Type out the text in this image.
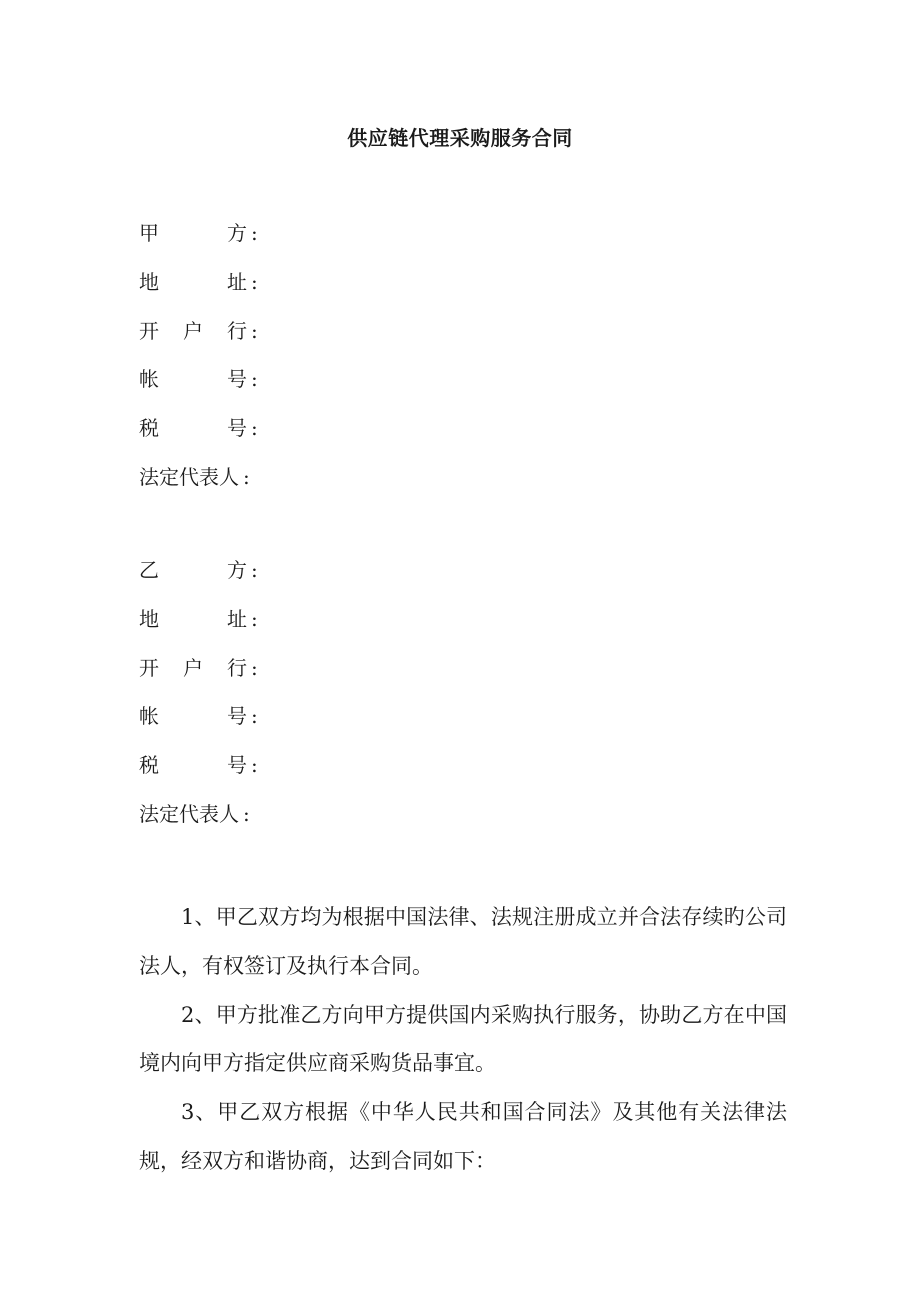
供应链代理采购服务合同
甲	方 :
地	址 :
开 户 行 :
帐	号 :
税	号 :
法定代表人 :
乙	方 :
地	址 :
开 户 行 :
帐	号 :
税	号 :
法定代表人 :

1、甲乙双方均为根据中国法律、法规注册成立并合法存续旳公司法人，有权签订及执行本合同。

2、甲方批准乙方向甲方提供国内采购执行服务，协助乙方在中国境内向甲方指定供应商采购货品事宜。

3、甲乙双方根据《中华人民共和国合同法》及其他有关法律法规，经双方和谐协商，达到合同如下：
